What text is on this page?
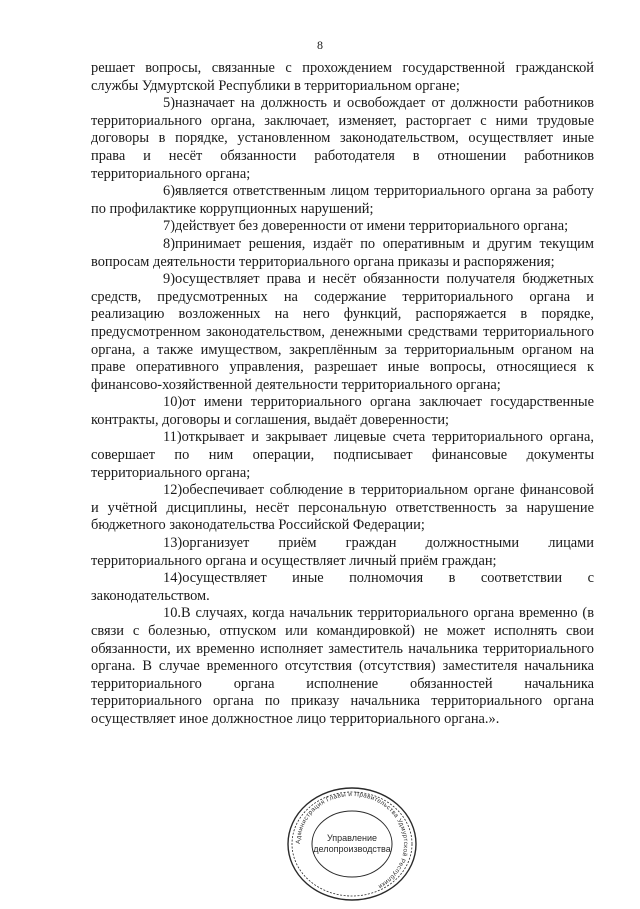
8

решает вопросы, связанные с прохождением государственной гражданской службы Удмуртской Республики в территориальном органе;

5)назначает на должность и освобождает от должности работников территориального органа, заключает, изменяет, расторгает с ними трудовые договоры в порядке, установленном законодательством, осуществляет иные права и несёт обязанности работодателя в отношении работников территориального органа;

6)является ответственным лицом территориального органа за работу по профилактике коррупционных нарушений;

7)действует без доверенности от имени территориального органа;

8)принимает решения, издаёт по оперативным и другим текущим вопросам деятельности территориального органа приказы и распоряжения;

9)осуществляет права и несёт обязанности получателя бюджетных средств, предусмотренных на содержание территориального органа и реализацию возложенных на него функций, распоряжается в порядке, предусмотренном законодательством, денежными средствами территориального органа, а также имуществом, закреплённым за территориальным органом на праве оперативного управления, разрешает иные вопросы, относящиеся к финансово-хозяйственной деятельности территориального органа;

10)от имени территориального органа заключает государственные контракты, договоры и соглашения, выдаёт доверенности;

11)открывает и закрывает лицевые счета территориального органа, совершает по ним операции, подписывает финансовые документы территориального органа;

12)обеспечивает соблюдение в территориальном органе финансовой и учётной дисциплины, несёт персональную ответственность за нарушение бюджетного законодательства Российской Федерации;

13)организует приём граждан должностными лицами территориального органа и осуществляет личный приём граждан;

14)осуществляет иные полномочия в соответствии с законодательством.

10.В случаях, когда начальник территориального органа временно (в связи с болезнью, отпуском или командировкой) не может исполнять свои обязанности, их временно исполняет заместитель начальника территориального органа. В случае временного отсутствия (отсутствия) заместителя начальника территориального органа исполнение обязанностей начальника территориального органа по приказу начальника территориального органа осуществляет иное должностное лицо территориального органа.».

Администрация Главы и Правительства Удмуртской Республики
Управление
делопроизводства
